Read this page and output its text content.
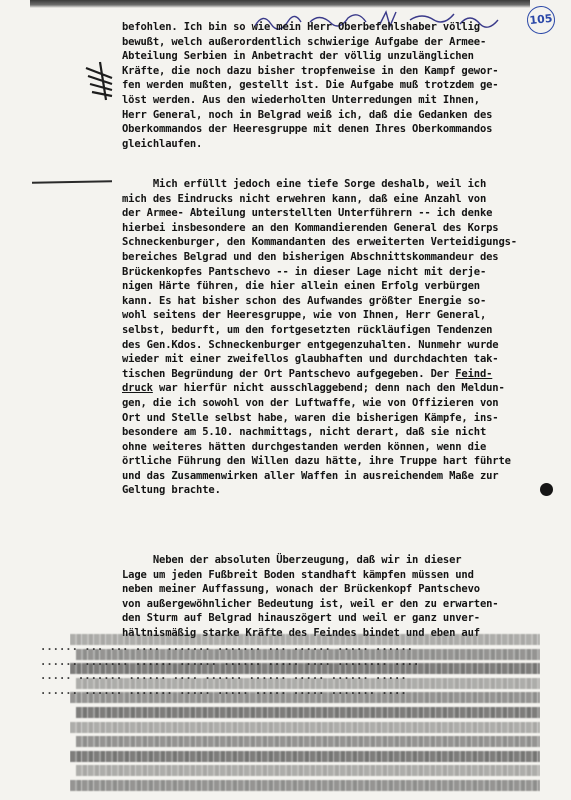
105
befohlen. Ich bin so wie mein Herr Oberbefehlshaber völlig
bewußt, welch außerordentlich schwierige Aufgabe der Armee-
Abteilung Serbien in Anbetracht der völlig unzulänglichen
Kräfte, die noch dazu bisher tropfenweise in den Kampf gewor-
fen werden mußten, gestellt ist. Die Aufgabe muß trotzdem ge-
löst werden. Aus den wiederholten Unterredungen mit Ihnen,
Herr General, noch in Belgrad weiß ich, daß die Gedanken des
Oberkommandos der Heeresgruppe mit denen Ihres Oberkommandos
gleichlaufen.
Mich erfüllt jedoch eine tiefe Sorge deshalb, weil ich
mich des Eindrucks nicht erwehren kann, daß eine Anzahl von
der Armee- Abteilung unterstellten Unterführern -- ich denke
hierbei insbesondere an den Kommandierenden General des Korps
Schneckenburger, den Kommandanten des erweiterten Verteidigungs-
bereiches Belgrad und den bisherigen Abschnittskommandeur des
Brückenkopfes Pantschevo -- in dieser Lage nicht mit derje-
nigen Härte führen, die hier allein einen Erfolg verbürgen
kann. Es hat bisher schon des Aufwandes größter Energie so-
wohl seitens der Heeresgruppe, wie von Ihnen, Herr General,
selbst, bedurft, um den fortgesetzten rückläufigen Tendenzen
des Gen.Kdos. Schneckenburger entgegenzuhalten. Nunmehr wurde
wieder mit einer zweifellos glaubhaften und durchdachten tak-
tischen Begründung der Ort Pantschevo aufgegeben. Der Feind-
druck war hierfür nicht ausschlaggebend; denn nach den Meldun-
gen, die ich sowohl von der Luftwaffe, wie von Offizieren von
Ort und Stelle selbst habe, waren die bisherigen Kämpfe, ins-
besondere am 5.10. nachmittags, nicht derart, daß sie nicht
ohne weiteres hätten durchgestanden werden können, wenn die
örtliche Führung den Willen dazu hätte, ihre Truppe hart führte
und das Zusammenwirken aller Waffen in ausreichendem Maße zur
Geltung brachte.
Neben der absoluten Überzeugung, daß wir in dieser
Lage um jeden Fußbreit Boden standhaft kämpfen müssen und
neben meiner Auffassung, wonach der Brückenkopf Pantschevo
von außergewöhnlicher Bedeutung ist, weil er den zu erwarten-
den Sturm auf Belgrad hinauszögert und weil er ganz unver-
hältnismäßig starke Kräfte des Feindes bindet und eben auf
...... ... ... .... ....... ....... ... ...... ..... ......
...... ....... ...... ...... ...... ..... .... ........ ....
..... ....... ...... .... ...... ...... ..... ...... .....
...... ...... ....... ..... ..... ..... ..... ....... ....
